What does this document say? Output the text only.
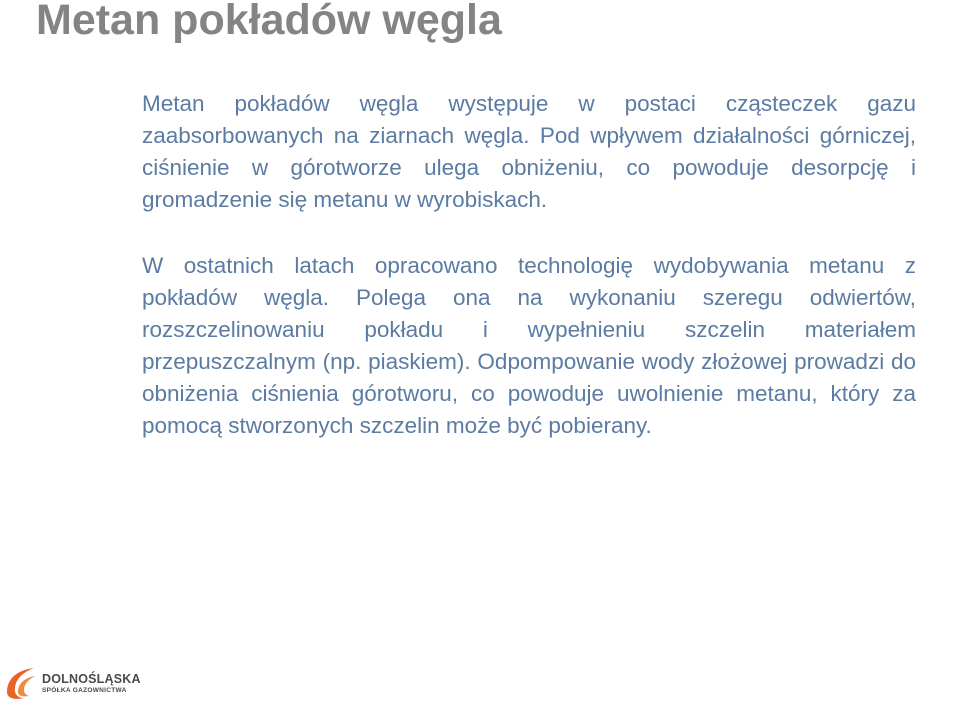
Metan pokładów węgla

Metan pokładów węgla występuje w postaci cząsteczek gazu zaabsorbowanych na ziarnach węgla. Pod wpływem działalności górniczej, ciśnienie w górotworze ulega obniżeniu, co powoduje desorpcję i gromadzenie się metanu w wyrobiskach.

W ostatnich latach opracowano technologię wydobywania metanu z pokładów węgla. Polega ona na wykonaniu szeregu odwiertów, rozszczelinowaniu pokładu i wypełnieniu szczelin materiałem przepuszczalnym (np. piaskiem). Odpompowanie wody złożowej prowadzi do obniżenia ciśnienia górotworu, co powoduje uwolnienie metanu, który za pomocą stworzonych szczelin może być pobierany.

DOLNOŚLĄSKA
SPÓŁKA GAZOWNICTWA
